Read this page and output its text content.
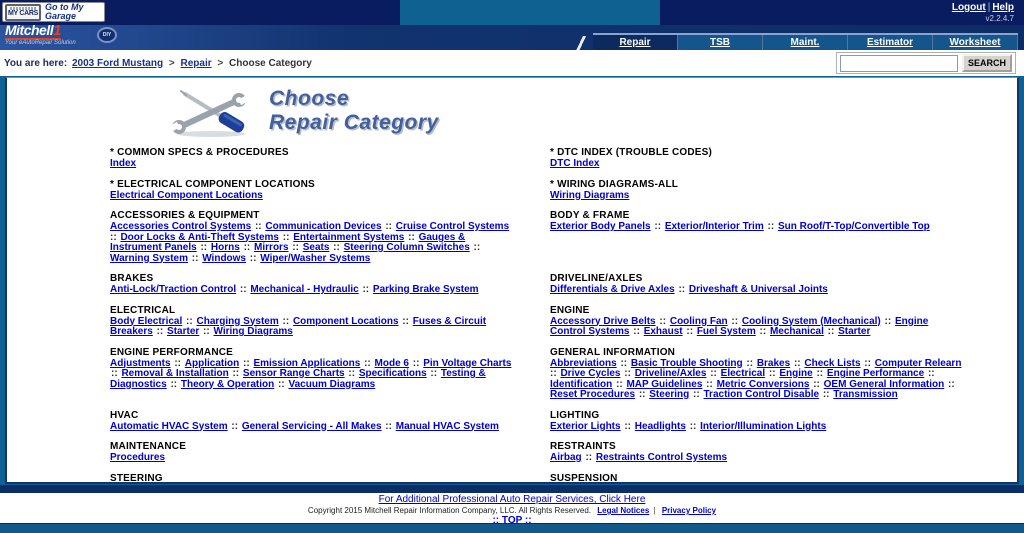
MY CARS
Go to My Garage
Logout | Help
v2.2.4.7
Mitchell1	DIY
Your eAutoRepair Solution	Repair	TSB	Maint.	Estimator	Worksheet
You are here: 2003 Ford Mustang > Repair > Choose Category	SEARCH
Choose
Repair Category
* COMMON SPECS & PROCEDURES
Index
* ELECTRICAL COMPONENT LOCATIONS
Electrical Component Locations
ACCESSORIES & EQUIPMENT
Accessories Control Systems :: Communication Devices :: Cruise Control Systems :: Door Locks & Anti-Theft Systems :: Entertainment Systems :: Gauges & Instrument Panels :: Horns :: Mirrors :: Seats :: Steering Column Switches :: Warning System :: Windows :: Wiper/Washer Systems
BRAKES
Anti-Lock/Traction Control :: Mechanical - Hydraulic :: Parking Brake System
ELECTRICAL
Body Electrical :: Charging System :: Component Locations :: Fuses & Circuit Breakers :: Starter :: Wiring Diagrams
ENGINE PERFORMANCE
Adjustments :: Application :: Emission Applications :: Mode 6 :: Pin Voltage Charts :: Removal & Installation :: Sensor Range Charts :: Specifications :: Testing & Diagnostics :: Theory & Operation :: Vacuum Diagrams
HVAC
Automatic HVAC System :: General Servicing - All Makes :: Manual HVAC System
MAINTENANCE
Procedures
STEERING
* DTC INDEX (TROUBLE CODES)
DTC Index
* WIRING DIAGRAMS-ALL
Wiring Diagrams
BODY & FRAME
Exterior Body Panels :: Exterior/Interior Trim :: Sun Roof/T-Top/Convertible Top
DRIVELINE/AXLES
Differentials & Drive Axles :: Driveshaft & Universal Joints
ENGINE
Accessory Drive Belts :: Cooling Fan :: Cooling System (Mechanical) :: Engine Control Systems :: Exhaust :: Fuel System :: Mechanical :: Starter
GENERAL INFORMATION
Abbreviations :: Basic Trouble Shooting :: Brakes :: Check Lists :: Computer Relearn :: Drive Cycles :: Driveline/Axles :: Electrical :: Engine :: Engine Performance :: Identification :: MAP Guidelines :: Metric Conversions :: OEM General Information :: Reset Procedures :: Steering :: Traction Control Disable :: Transmission
LIGHTING
Exterior Lights :: Headlights :: Interior/Illumination Lights
RESTRAINTS
Airbag :: Restraints Control Systems
SUSPENSION
For Additional Professional Auto Repair Services, Click Here
Copyright 2015 Mitchell Repair Information Company, LLC. All Rights Reserved. Legal Notices | Privacy Policy
:: TOP ::
